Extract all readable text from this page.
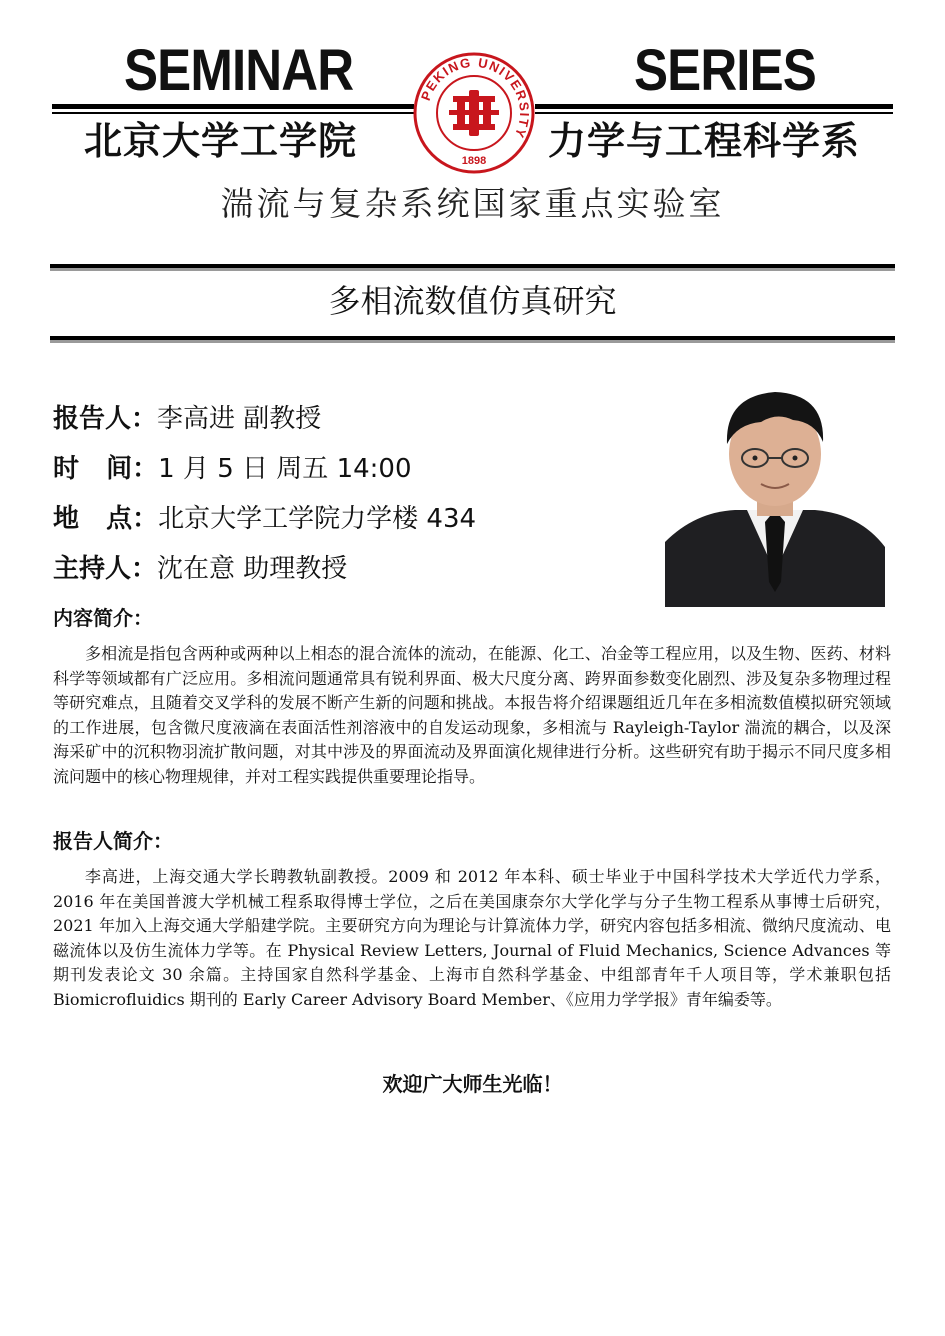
SEMINAR	SERIES
北京大学工学院	力学与工程科学系
PEKING UNIVERSITY
1898
湍流与复杂系统国家重点实验室
多相流数值仿真研究
报告人：李高进 副教授
时   间：1 月 5 日 周五 14:00
地   点：北京大学工学院力学楼 434
主持人：沈在意 助理教授
内容简介：

多相流是指包含两种或两种以上相态的混合流体的流动，在能源、化工、冶金等工程应用，以及生物、医药、材料科学等领域都有广泛应用。多相流问题通常具有锐利界面、极大尺度分离、跨界面参数变化剧烈、涉及复杂多物理过程等研究难点，且随着交叉学科的发展不断产生新的问题和挑战。本报告将介绍课题组近几年在多相流数值模拟研究领域的工作进展，包含微尺度液滴在表面活性剂溶液中的自发运动现象，多相流与 Rayleigh-Taylor 湍流的耦合，以及深海采矿中的沉积物羽流扩散问题，对其中涉及的界面流动及界面演化规律进行分析。这些研究有助于揭示不同尺度多相流问题中的核心物理规律，并对工程实践提供重要理论指导。

报告人简介：

李高进，上海交通大学长聘教轨副教授。2009 和 2012 年本科、硕士毕业于中国科学技术大学近代力学系，2016 年在美国普渡大学机械工程系取得博士学位，之后在美国康奈尔大学化学与分子生物工程系从事博士后研究，2021 年加入上海交通大学船建学院。主要研究方向为理论与计算流体力学，研究内容包括多相流、微纳尺度流动、电磁流体以及仿生流体力学等。在 Physical Review Letters, Journal of Fluid Mechanics, Science Advances 等期刊发表论文 30 余篇。主持国家自然科学基金、上海市自然科学基金、中组部青年千人项目等，学术兼职包括 Biomicrofluidics 期刊的 Early Career Advisory Board Member、《应用力学学报》青年编委等。

欢迎广大师生光临！
